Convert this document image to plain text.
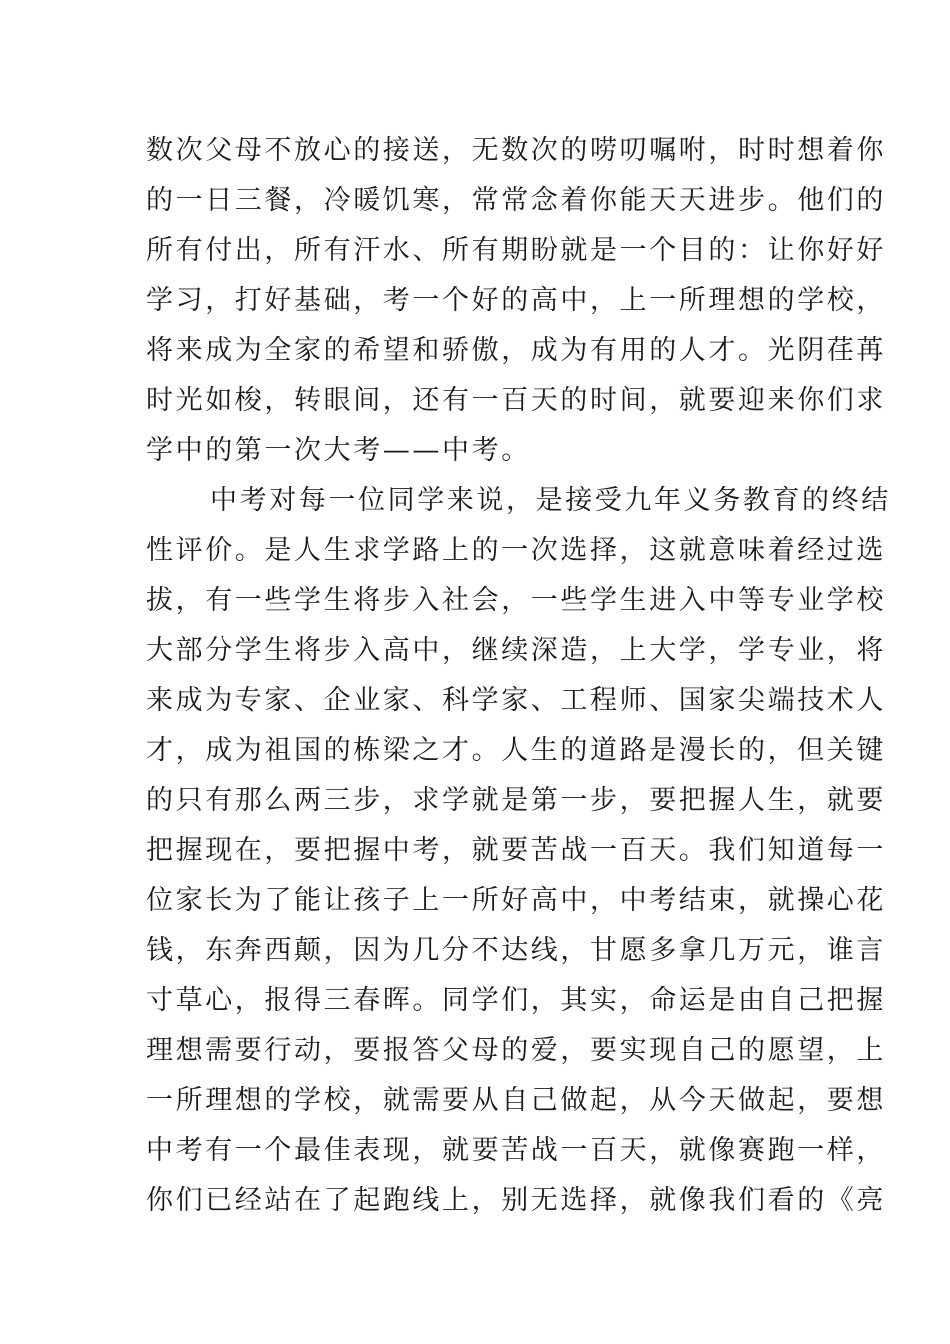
数次父母不放心的接送，无数次的唠叨嘱咐，时时想着你
的一日三餐，冷暖饥寒，常常念着你能天天进步。他们的
所有付出，所有汗水、所有期盼就是一个目的：让你好好
学习，打好基础，考一个好的高中，上一所理想的学校，
将来成为全家的希望和骄傲，成为有用的人才。光阴荏苒
时光如梭，转眼间，还有一百天的时间，就要迎来你们求
学中的第一次大考——中考。
中考对每一位同学来说，是接受九年义务教育的终结
性评价。是人生求学路上的一次选择，这就意味着经过选
拔，有一些学生将步入社会，一些学生进入中等专业学校
大部分学生将步入高中，继续深造，上大学，学专业，将
来成为专家、企业家、科学家、工程师、国家尖端技术人
才，成为祖国的栋梁之才。人生的道路是漫长的，但关键
的只有那么两三步，求学就是第一步，要把握人生，就要
把握现在，要把握中考，就要苦战一百天。我们知道每一
位家长为了能让孩子上一所好高中，中考结束，就操心花
钱，东奔西颠，因为几分不达线，甘愿多拿几万元，谁言
寸草心，报得三春晖。同学们，其实，命运是由自己把握
理想需要行动，要报答父母的爱，要实现自己的愿望，上
一所理想的学校，就需要从自己做起，从今天做起，要想
中考有一个最佳表现，就要苦战一百天，就像赛跑一样，
你们已经站在了起跑线上，别无选择，就像我们看的《亮
